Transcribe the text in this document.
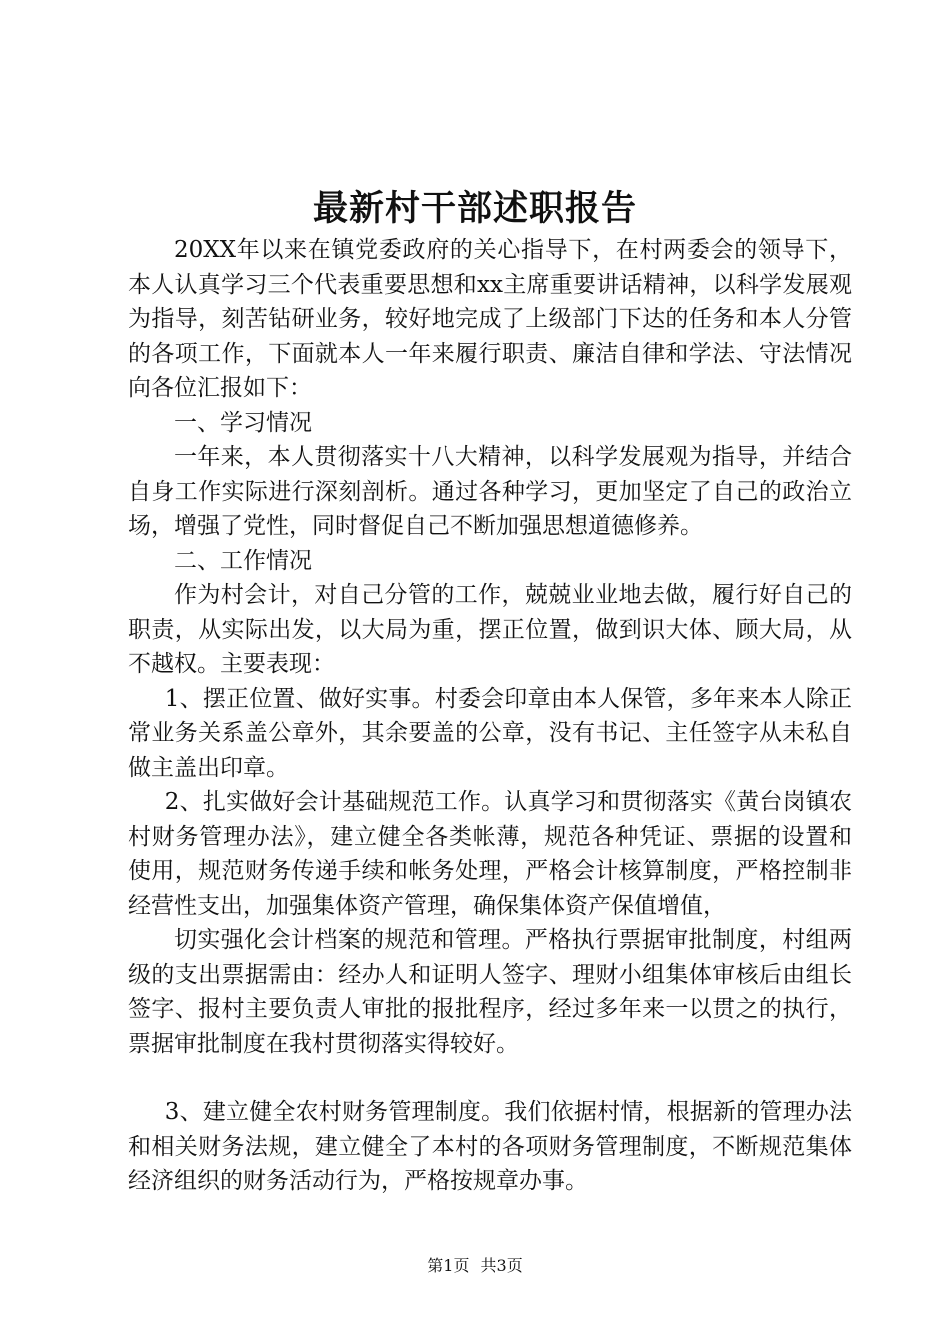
最新村干部述职报告

20XX年以来在镇党委政府的关心指导下，在村两委会的领导下，本人认真学习三个代表重要思想和xx主席重要讲话精神，以科学发展观为指导，刻苦钻研业务，较好地完成了上级部门下达的任务和本人分管的各项工作，下面就本人一年来履行职责、廉洁自律和学法、守法情况向各位汇报如下：

一、学习情况

一年来，本人贯彻落实十八大精神，以科学发展观为指导，并结合自身工作实际进行深刻剖析。通过各种学习，更加坚定了自己的政治立场，增强了党性，同时督促自己不断加强思想道德修养。

二、工作情况

作为村会计，对自己分管的工作，兢兢业业地去做，履行好自己的职责，从实际出发，以大局为重，摆正位置，做到识大体、顾大局，从不越权。主要表现：

1、摆正位置、做好实事。村委会印章由本人保管，多年来本人除正常业务关系盖公章外，其余要盖的公章，没有书记、主任签字从未私自做主盖出印章。

2、扎实做好会计基础规范工作。认真学习和贯彻落实《黄台岗镇农村财务管理办法》，建立健全各类帐薄，规范各种凭证、票据的设置和使用，规范财务传递手续和帐务处理，严格会计核算制度，严格控制非经营性支出，加强集体资产管理，确保集体资产保值增值，

切实强化会计档案的规范和管理。严格执行票据审批制度，村组两级的支出票据需由：经办人和证明人签字、理财小组集体审核后由组长签字、报村主要负责人审批的报批程序，经过多年来一以贯之的执行，票据审批制度在我村贯彻落实得较好。

3、建立健全农村财务管理制度。我们依据村情，根据新的管理办法和相关财务法规，建立健全了本村的各项财务管理制度，不断规范集体经济组织的财务活动行为，严格按规章办事。

第1页 共3页
